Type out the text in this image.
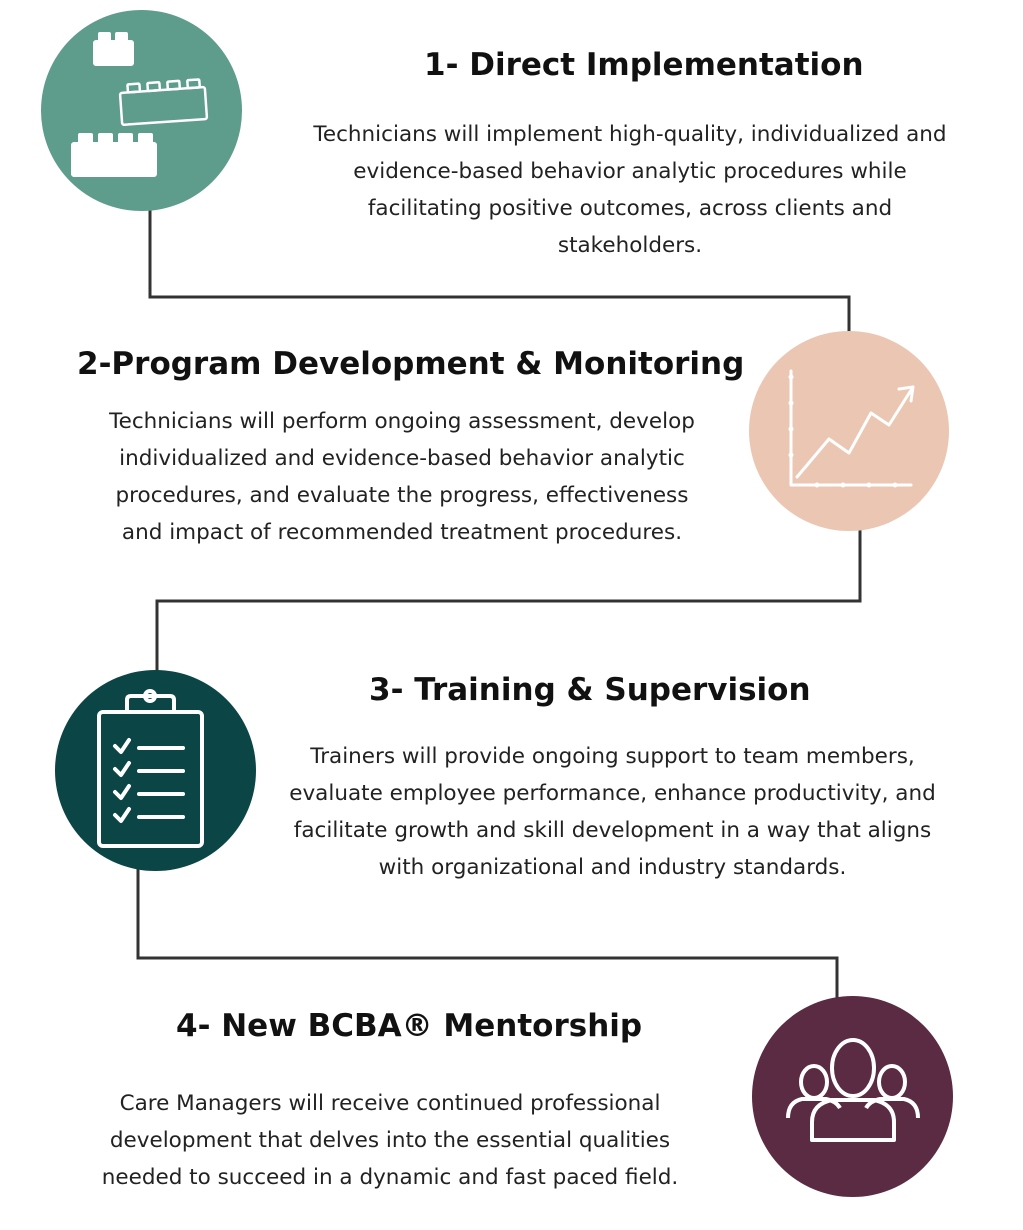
1- Direct Implementation
Technicians will implement high-quality, individualized and
evidence-based behavior analytic procedures while
facilitating positive outcomes, across clients and
stakeholders.
2-Program Development & Monitoring
Technicians will perform ongoing assessment, develop
individualized and evidence-based behavior analytic
procedures, and evaluate the progress, effectiveness
and impact of recommended treatment procedures.
3- Training & Supervision
Trainers will provide ongoing support to team members,
evaluate employee performance, enhance productivity, and
facilitate growth and skill development in a way that aligns
with organizational and industry standards.
4- New BCBA® Mentorship
Care Managers will receive continued professional
development that delves into the essential qualities
needed to succeed in a dynamic and fast paced field.
